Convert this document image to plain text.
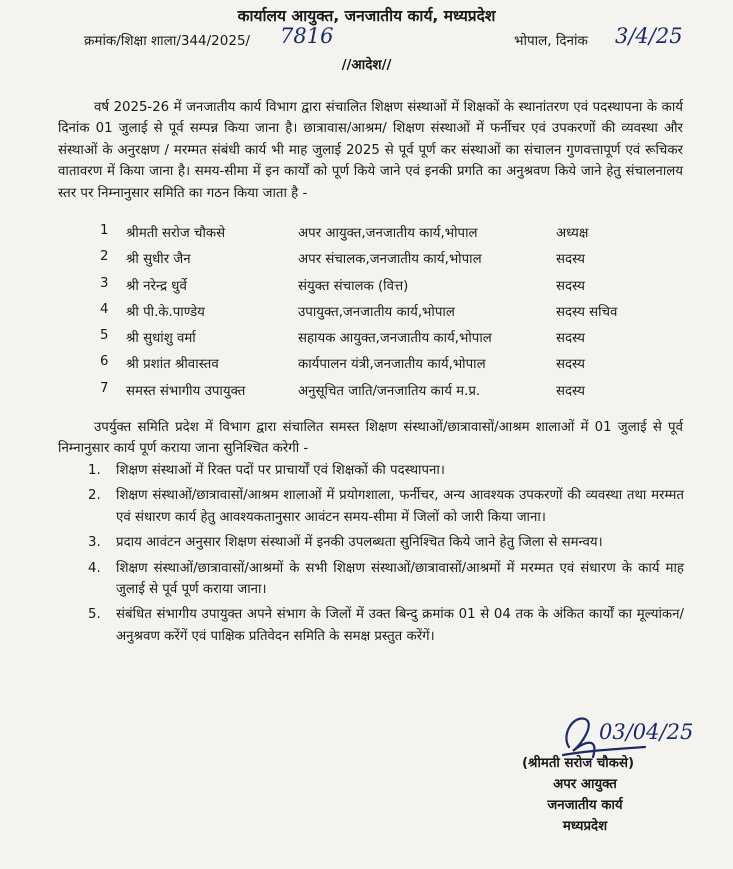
कार्यालय आयुक्त, जनजातीय कार्य, मध्यप्रदेश
क्रमांक/शिक्षा शाला/344/2025/ 7816	भोपाल, दिनांक 3/4/25
//आदेश//

वर्ष 2025-26 में जनजातीय कार्य विभाग द्वारा संचालित शिक्षण संस्थाओं में शिक्षकों के स्थानांतरण एवं पदस्थापना के कार्य दिनांक 01 जुलाई से पूर्व सम्पन्न किया जाना है। छात्रावास/आश्रम/ शिक्षण संस्थाओं में फर्नीचर एवं उपकरणों की व्यवस्था और संस्थाओं के अनुरक्षण / मरम्मत संबंधी कार्य भी माह जुलाई 2025 से पूर्व पूर्ण कर संस्थाओं का संचालन गुणवत्तापूर्ण एवं रूचिकर वातावरण में किया जाना है। समय-सीमा में इन कार्यों को पूर्ण किये जाने एवं इनकी प्रगति का अनुश्रवण किये जाने हेतु संचालनालय स्तर पर निम्नानुसार समिति का गठन किया जाता है -

1 श्रीमती सरोज चौकसे	अपर आयुक्त,जनजातीय कार्य,भोपाल	अध्यक्ष
2 श्री सुधीर जैन	अपर संचालक,जनजातीय कार्य,भोपाल	सदस्य
3 श्री नरेन्द्र धुर्वे	संयुक्त संचालक (वित्त)	सदस्य
4 श्री पी.के.पाण्डेय	उपायुक्त,जनजातीय कार्य,भोपाल	सदस्य सचिव
5 श्री सुधांशु वर्मा	सहायक आयुक्त,जनजातीय कार्य,भोपाल	सदस्य
6 श्री प्रशांत श्रीवास्तव	कार्यपालन यंत्री,जनजातीय कार्य,भोपाल	सदस्य
7 समस्त संभागीय उपायुक्त	अनुसूचित जाति/जनजातिय कार्य म.प्र.	सदस्य

उपर्युक्त समिति प्रदेश में विभाग द्वारा संचालित समस्त शिक्षण संस्थाओं/छात्रावासों/आश्रम शालाओं में 01 जुलाई से पूर्व निम्नानुसार कार्य पूर्ण कराया जाना सुनिश्चित करेगी -

1. शिक्षण संस्थाओं में रिक्त पदों पर प्राचार्यों एवं शिक्षकों की पदस्थापना।
2. शिक्षण संस्थाओं/छात्रावासों/आश्रम शालाओं में प्रयोगशाला, फर्नीचर, अन्य आवश्यक उपकरणों की व्यवस्था तथा मरम्मत एवं संधारण कार्य हेतु आवश्यकतानुसार आवंटन समय-सीमा में जिलों को जारी किया जाना।
3. प्रदाय आवंटन अनुसार शिक्षण संस्थाओं में इनकी उपलब्धता सुनिश्चित किये जाने हेतु जिला से समन्वय।
4. शिक्षण संस्थाओं/छात्रावासों/आश्रमों के सभी शिक्षण संस्थाओं/छात्रावासों/आश्रमों में मरम्मत एवं संधारण के कार्य माह जुलाई से पूर्व पूर्ण कराया जाना।
5. संबंधित संभागीय उपायुक्त अपने संभाग के जिलों में उक्त बिन्दु क्रमांक 01 से 04 तक के अंकित कार्यों का मूल्यांकन/अनुश्रवण करेंगें एवं पाक्षिक प्रतिवेदन समिति के समक्ष प्रस्तुत करेंगें।
03/04/25
(श्रीमती सरोज चौकसे)
अपर आयुक्त
जनजातीय कार्य
मध्यप्रदेश
